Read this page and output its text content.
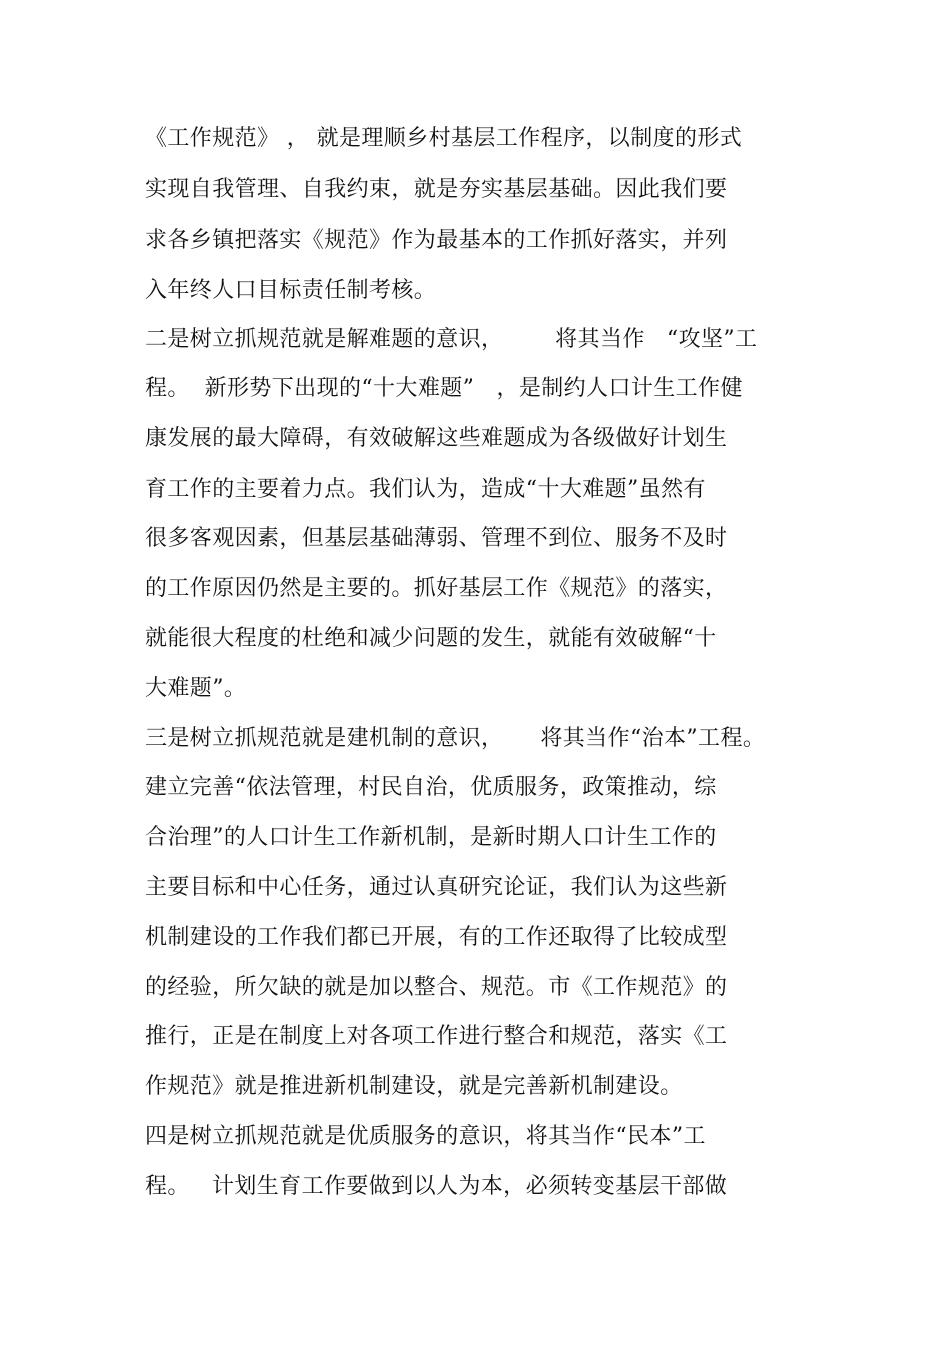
《工作规范》 ， 就是理顺乡村基层工作程序，以制度的形式
实现自我管理、自我约束，就是夯实基层基础。因此我们要
求各乡镇把落实《规范》作为最基本的工作抓好落实，并列
入年终人口目标责任制考核。
二是树立抓规范就是解难题的意识，       将其当作   “攻坚”工
程。  新形势下出现的“十大难题”   ，是制约人口计生工作健
康发展的最大障碍，有效破解这些难题成为各级做好计划生
育工作的主要着力点。我们认为，造成“十大难题”虽然有
很多客观因素，但基层基础薄弱、管理不到位、服务不及时
的工作原因仍然是主要的。抓好基层工作《规范》的落实，
就能很大程度的杜绝和减少问题的发生，就能有效破解“十
大难题”。
三是树立抓规范就是建机制的意识，     将其当作“治本”工程。
建立完善“依法管理，村民自治，优质服务，政策推动，综
合治理”的人口计生工作新机制，是新时期人口计生工作的
主要目标和中心任务，通过认真研究论证，我们认为这些新
机制建设的工作我们都已开展，有的工作还取得了比较成型
的经验，所欠缺的就是加以整合、规范。市《工作规范》的
推行，正是在制度上对各项工作进行整合和规范，落实《工
作规范》就是推进新机制建设，就是完善新机制建设。
四是树立抓规范就是优质服务的意识，将其当作“民本”工
程。   计划生育工作要做到以人为本，必须转变基层干部做
